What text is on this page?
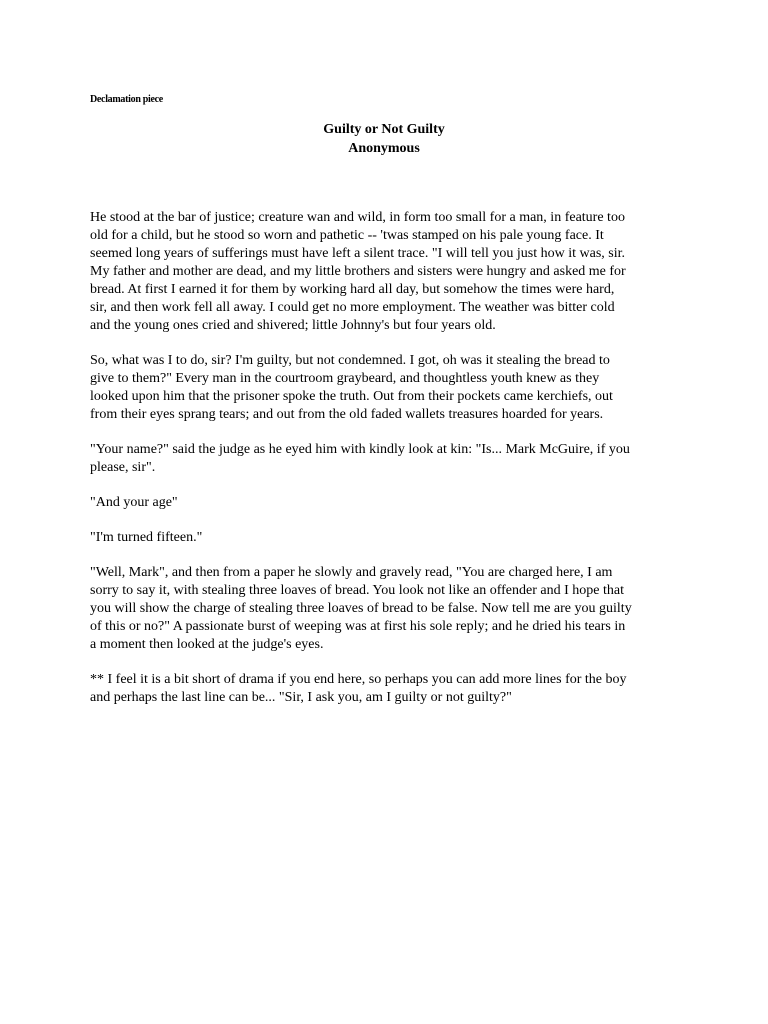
Declamation piece
Guilty or Not Guilty
Anonymous
He stood at the bar of justice; creature wan and wild, in form too small for a man, in feature too
old for a child, but he stood so worn and pathetic -- 'twas stamped on his pale young face. It
seemed long years of sufferings must have left a silent trace. "I will tell you just how it was, sir.
My father and mother are dead, and my little brothers and sisters were hungry and asked me for
bread. At first I earned it for them by working hard all day, but somehow the times were hard,
sir, and then work fell all away. I could get no more employment. The weather was bitter cold
and the young ones cried and shivered; little Johnny's but four years old.
So, what was I to do, sir? I'm guilty, but not condemned. I got, oh was it stealing the bread to
give to them?" Every man in the courtroom graybeard, and thoughtless youth knew as they
looked upon him that the prisoner spoke the truth. Out from their pockets came kerchiefs, out
from their eyes sprang tears; and out from the old faded wallets treasures hoarded for years.
"Your name?" said the judge as he eyed him with kindly look at kin: "Is... Mark McGuire, if you
please, sir".
"And your age"
"I'm turned fifteen."
"Well, Mark", and then from a paper he slowly and gravely read, "You are charged here, I am
sorry to say it, with stealing three loaves of bread. You look not like an offender and I hope that
you will show the charge of stealing three loaves of bread to be false. Now tell me are you guilty
of this or no?" A passionate burst of weeping was at first his sole reply; and he dried his tears in
a moment then looked at the judge's eyes.
** I feel it is a bit short of drama if you end here, so perhaps you can add more lines for the boy
and perhaps the last line can be... "Sir, I ask you, am I guilty or not guilty?"
